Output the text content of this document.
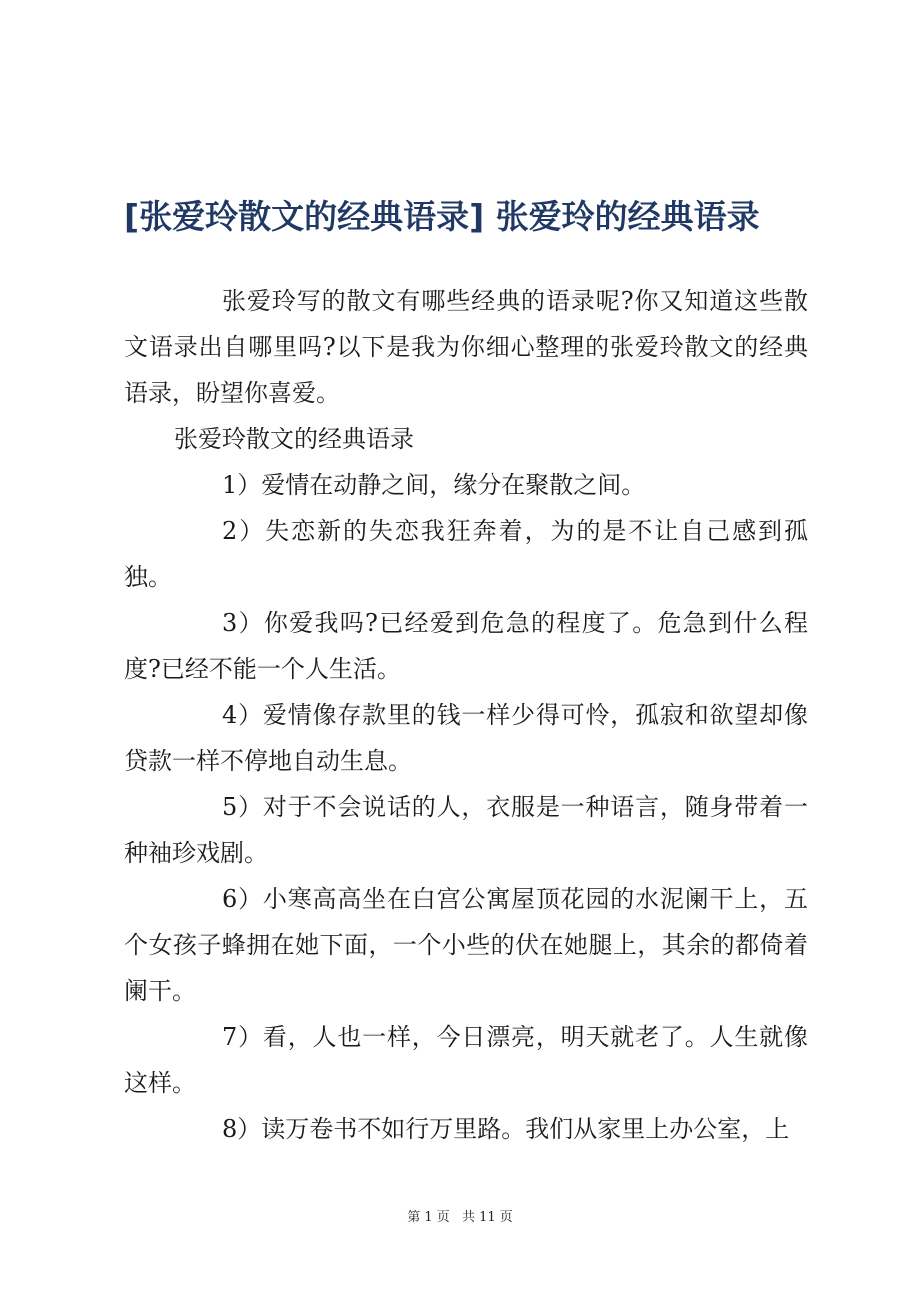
[张爱玲散文的经典语录] 张爱玲的经典语录

张爱玲写的散文有哪些经典的语录呢?你又知道这些散文语录出自哪里吗?以下是我为你细心整理的张爱玲散文的经典语录，盼望你喜爱。

张爱玲散文的经典语录

1）爱情在动静之间，缘分在聚散之间。

2）失恋新的失恋我狂奔着，为的是不让自己感到孤独。

3）你爱我吗?已经爱到危急的程度了。危急到什么程度?已经不能一个人生活。

4）爱情像存款里的钱一样少得可怜，孤寂和欲望却像贷款一样不停地自动生息。

5）对于不会说话的人，衣服是一种语言，随身带着一种袖珍戏剧。

6）小寒高高坐在白宫公寓屋顶花园的水泥阑干上，五个女孩子蜂拥在她下面，一个小些的伏在她腿上，其余的都倚着阑干。

7）看，人也一样，今日漂亮，明天就老了。人生就像这样。

8）读万卷书不如行万里路。我们从家里上办公室，上

第 1 页 共 11 页
